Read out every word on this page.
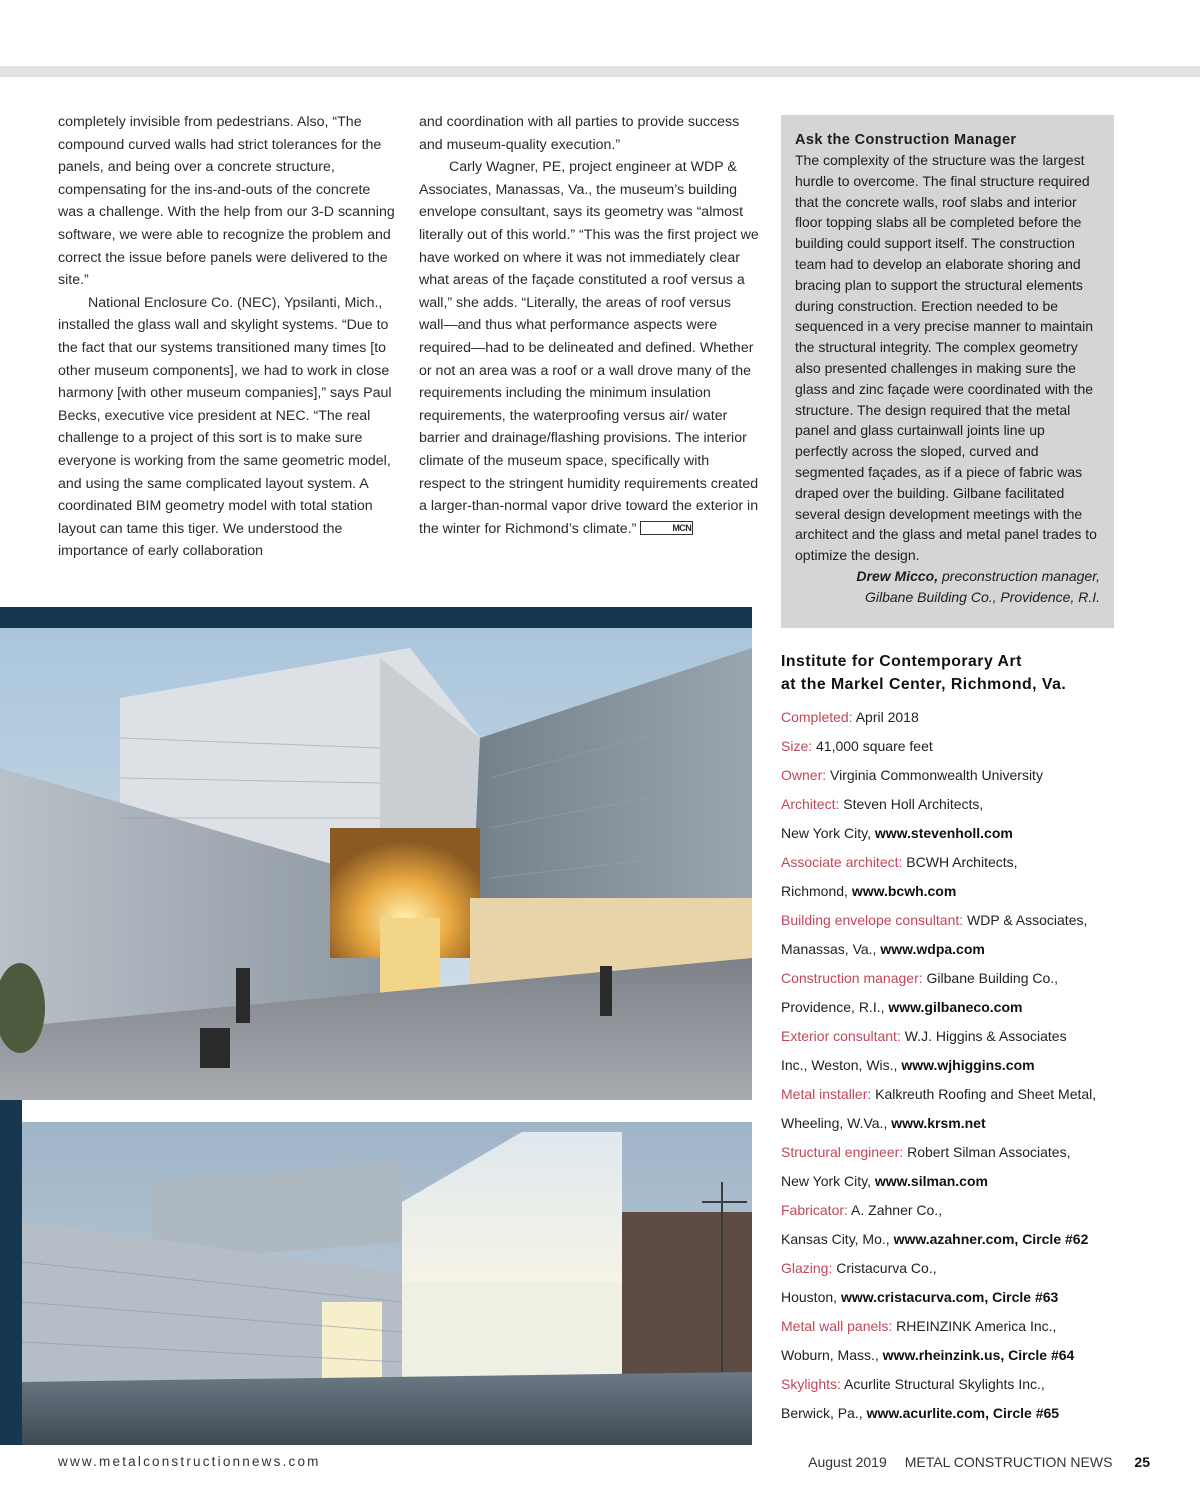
completely invisible from pedestrians. Also, “The compound curved walls had strict tolerances for the panels, and being over a concrete structure, compensating for the ins-and-outs of the concrete was a challenge. With the help from our 3-D scanning software, we were able to recognize the problem and correct the issue before panels were delivered to the site.”

National Enclosure Co. (NEC), Ypsilanti, Mich., installed the glass wall and skylight systems. “Due to the fact that our systems transitioned many times [to other museum components], we had to work in close harmony [with other museum companies],” says Paul Becks, executive vice president at NEC. “The real challenge to a project of this sort is to make sure everyone is working from the same geometric model, and using the same complicated layout system. A coordinated BIM geometry model with total station layout can tame this tiger. We understood the importance of early collaboration

and coordination with all parties to provide success and museum-quality execution.”

Carly Wagner, PE, project engineer at WDP & Associates, Manassas, Va., the museum’s building envelope consultant, says its geometry was “almost literally out of this world.” “This was the first project we have worked on where it was not immediately clear what areas of the façade constituted a roof versus a wall,” she adds. “Literally, the areas of roof versus wall—and thus what performance aspects were required—had to be delineated and defined. Whether or not an area was a roof or a wall drove many of the requirements including the minimum insulation requirements, the waterproofing versus air/ water barrier and drainage/flashing provisions. The interior climate of the museum space, specifically with respect to the stringent humidity requirements created a larger-than-normal vapor drive toward the exterior in the winter for Richmond’s climate.”	MCN

Ask the Construction Manager

The complexity of the structure was the largest hurdle to overcome. The final structure required that the concrete walls, roof slabs and interior floor topping slabs all be completed before the building could support itself. The construction team had to develop an elaborate shoring and bracing plan to support the structural elements during construction. Erection needed to be sequenced in a very precise manner to maintain the structural integrity. The complex geometry also presented challenges in making sure the glass and zinc façade were coordinated with the structure. The design required that the metal panel and glass curtainwall joints line up perfectly across the sloped, curved and segmented façades, as if a piece of fabric was draped over the building. Gilbane facilitated several design development meetings with the architect and the glass and metal panel trades to optimize the design.

Drew Micco, preconstruction manager,

Gilbane Building Co., Providence, R.I.

Institute for Contemporary Art
at the Markel Center, Richmond, Va.
Completed: April 2018
Size: 41,000 square feet
Owner: Virginia Commonwealth University
Architect: Steven Holl Architects,
New York City, www.stevenholl.com
Associate architect: BCWH Architects,
Richmond, www.bcwh.com
Building envelope consultant: WDP & Associates,
Manassas, Va., www.wdpa.com
Construction manager: Gilbane Building Co.,
Providence, R.I., www.gilbaneco.com
Exterior consultant: W.J. Higgins & Associates
Inc., Weston, Wis., www.wjhiggins.com
Metal installer: Kalkreuth Roofing and Sheet Metal,
Wheeling, W.Va., www.krsm.net
Structural engineer: Robert Silman Associates,
New York City, www.silman.com
Fabricator: A. Zahner Co.,
Kansas City, Mo., www.azahner.com, Circle #62
Glazing: Cristacurva Co.,
Houston, www.cristacurva.com, Circle #63
Metal wall panels: RHEINZINK America Inc.,
Woburn, Mass., www.rheinzink.us, Circle #64
Skylights: Acurlite Structural Skylights Inc.,
Berwick, Pa., www.acurlite.com, Circle #65
www.metalconstructionnews.com	August 2019 METAL CONSTRUCTION NEWS 25
